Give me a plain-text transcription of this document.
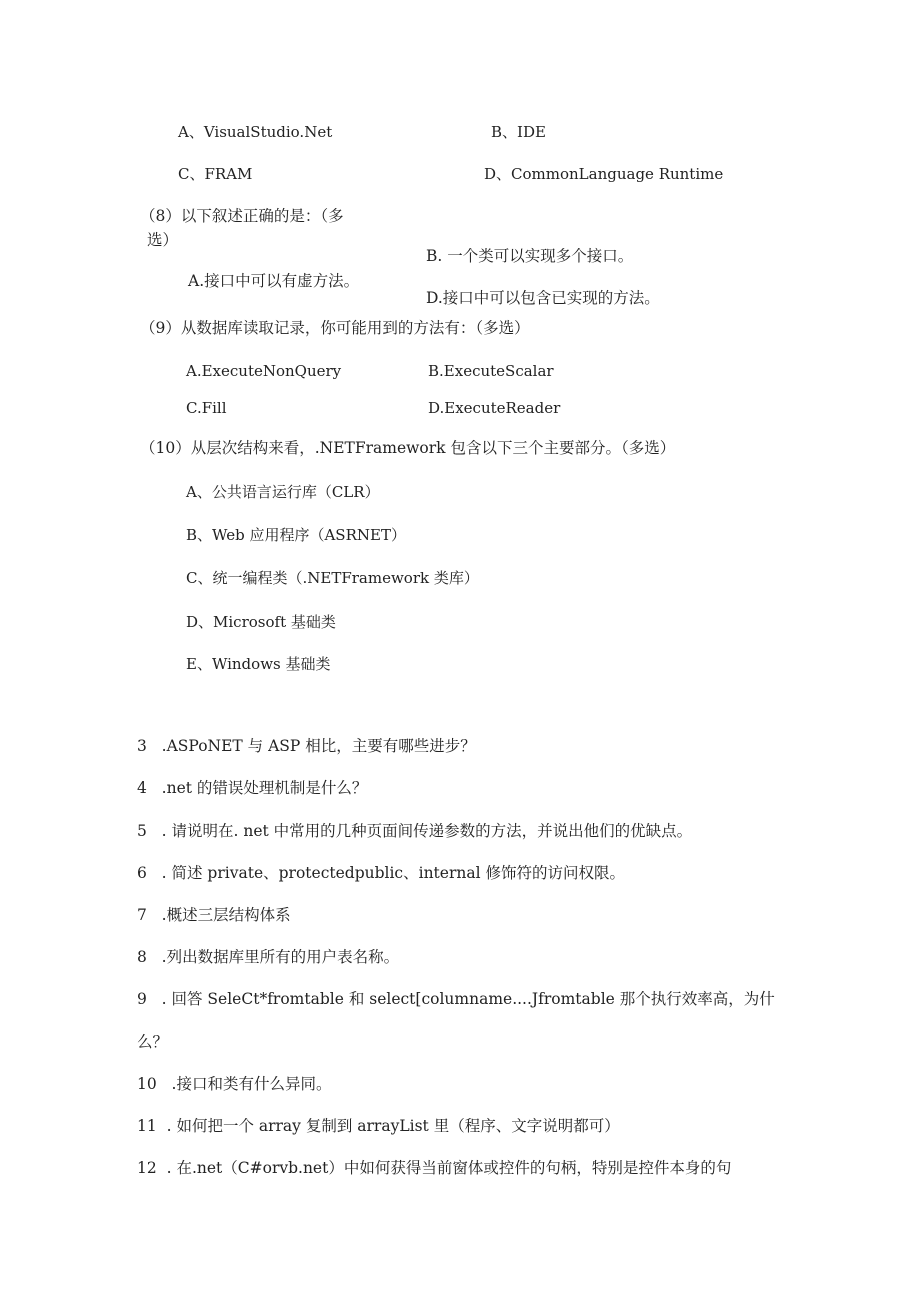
A、VisualStudio.Net	B、IDE
C、FRAM	D、CommonLanguage Runtime
（8）以下叙述正确的是：（多
选）
B. 一个类可以实现多个接口。
A.接口中可以有虚方法。
D.接口中可以包含已实现的方法。
（9）从数据库读取记录，你可能用到的方法有：（多选）
A.ExecuteNonQuery	B.ExecuteScalar
C.Fill	D.ExecuteReader
（10）从层次结构来看，.NETFramework 包含以下三个主要部分。（多选）
A、公共语言运行库（CLR）
B、Web 应用程序（ASRNET）
C、统一编程类（.NETFramework 类库）
D、Microsoft 基础类
E、Windows 基础类
3 .ASPoNET 与 ASP 相比，主要有哪些进步？
4 .net 的错误处理机制是什么？
5 . 请说明在. net 中常用的几种页面间传递参数的方法，并说出他们的优缺点。
6 . 简述 private、protectedpublic、internal 修饰符的访问权限。
7 .概述三层结构体系
8 .列出数据库里所有的用户表名称。
9 . 回答 SeleCt*fromtable 和 select[columname....Jfromtable 那个执行效率高，为什
么？
10 .接口和类有什么异同。
11 . 如何把一个 array 复制到 arrayList 里（程序、文字说明都可）
12 . 在.net（C#orvb.net）中如何获得当前窗体或控件的句柄，特别是控件本身的句
